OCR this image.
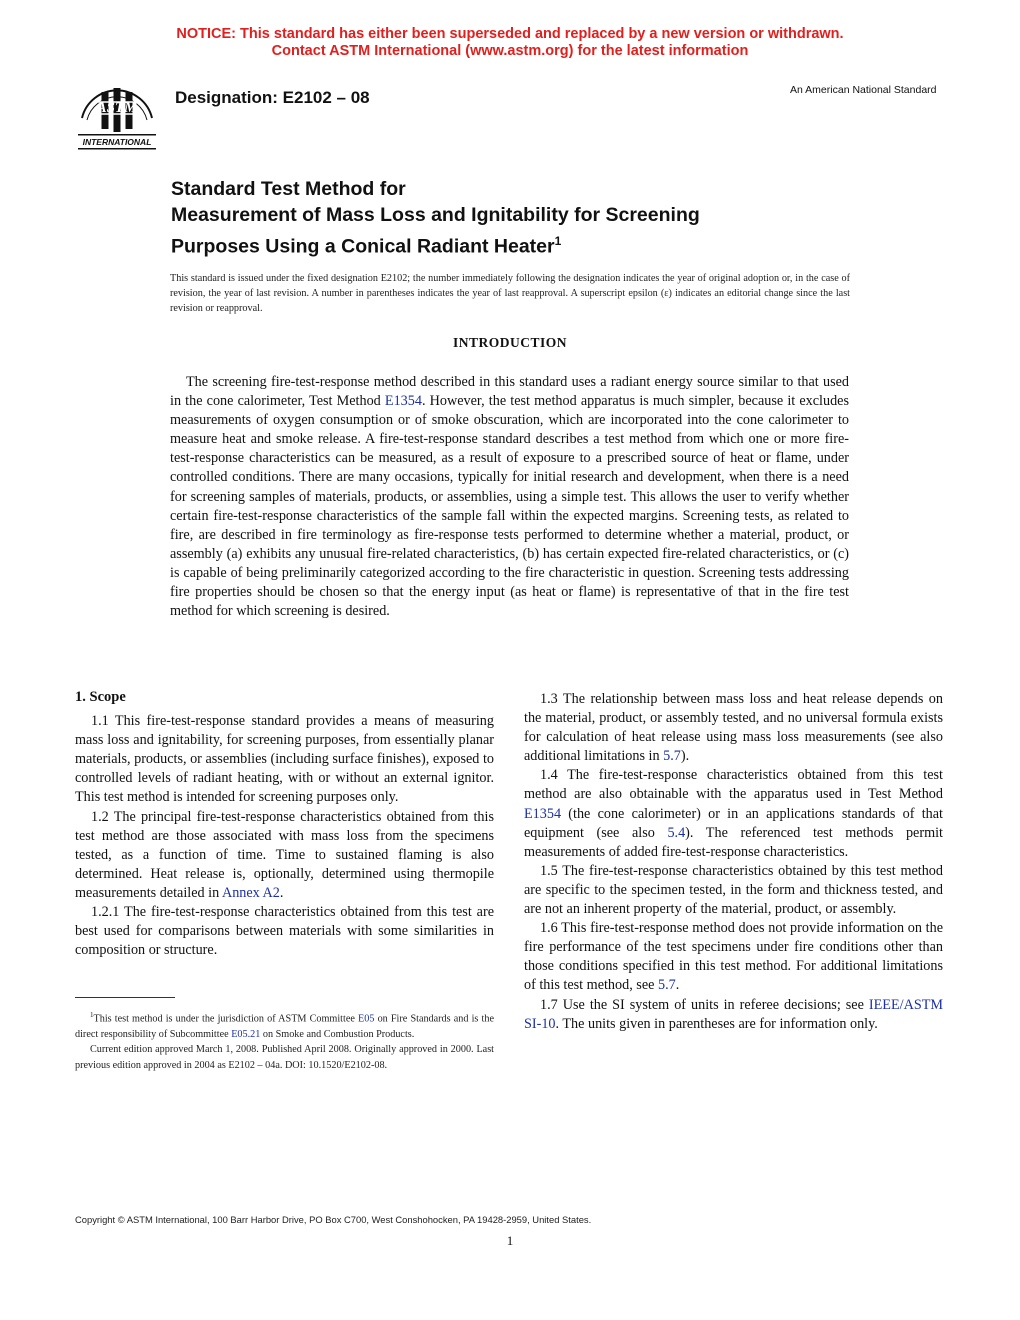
NOTICE: This standard has either been superseded and replaced by a new version or withdrawn.
Contact ASTM International (www.astm.org) for the latest information
ASTM
INTERNATIONAL
Designation: E2102 – 08	An American National Standard
Standard Test Method for
Measurement of Mass Loss and Ignitability for Screening
Purposes Using a Conical Radiant Heater$^1$
This standard is issued under the fixed designation E2102; the number immediately following the designation indicates the year of original adoption or, in the case of revision, the year of last revision. A number in parentheses indicates the year of last reapproval. A superscript epsilon (ε) indicates an editorial change since the last revision or reapproval.
INTRODUCTION
The screening fire-test-response method described in this standard uses a radiant energy source similar to that used in the cone calorimeter, Test Method E1354. However, the test method apparatus is much simpler, because it excludes measurements of oxygen consumption or of smoke obscuration, which are incorporated into the cone calorimeter to measure heat and smoke release. A fire-test-response standard describes a test method from which one or more fire-test-response characteristics can be measured, as a result of exposure to a prescribed source of heat or flame, under controlled conditions. There are many occasions, typically for initial research and development, when there is a need for screening samples of materials, products, or assemblies, using a simple test. This allows the user to verify whether certain fire-test-response characteristics of the sample fall within the expected margins. Screening tests, as related to fire, are described in fire terminology as fire-response tests performed to determine whether a material, product, or assembly (a) exhibits any unusual fire-related characteristics, (b) has certain expected fire-related characteristics, or (c) is capable of being preliminarily categorized according to the fire characteristic in question. Screening tests addressing fire properties should be chosen so that the energy input (as heat or flame) is representative of that in the fire test method for which screening is desired.
1. Scope

1.1 This fire-test-response standard provides a means of measuring mass loss and ignitability, for screening purposes, from essentially planar materials, products, or assemblies (including surface finishes), exposed to controlled levels of radiant heating, with or without an external ignitor. This test method is intended for screening purposes only.

1.2 The principal fire-test-response characteristics obtained from this test method are those associated with mass loss from the specimens tested, as a function of time. Time to sustained flaming is also determined. Heat release is, optionally, determined using thermopile measurements detailed in Annex A2.

1.2.1 The fire-test-response characteristics obtained from this test are best used for comparisons between materials with some similarities in composition or structure.

1.3 The relationship between mass loss and heat release depends on the material, product, or assembly tested, and no universal formula exists for calculation of heat release using mass loss measurements (see also additional limitations in 5.7).

1.4 The fire-test-response characteristics obtained from this test method are also obtainable with the apparatus used in Test Method E1354 (the cone calorimeter) or in an applications standards of that equipment (see also 5.4). The referenced test methods permit measurements of added fire-test-response characteristics.

1.5 The fire-test-response characteristics obtained by this test method are specific to the specimen tested, in the form and thickness tested, and are not an inherent property of the material, product, or assembly.

1.6 This fire-test-response method does not provide information on the fire performance of the test specimens under fire conditions other than those conditions specified in this test method. For additional limitations of this test method, see 5.7.

1.7 Use the SI system of units in referee decisions; see IEEE/ASTM SI-10. The units given in parentheses are for information only.

$^1$This test method is under the jurisdiction of ASTM Committee E05 on Fire Standards and is the direct responsibility of Subcommittee E05.21 on Smoke and Combustion Products.

Current edition approved March 1, 2008. Published April 2008. Originally approved in 2000. Last previous edition approved in 2004 as E2102 – 04a. DOI: 10.1520/E2102-08.

Copyright © ASTM International, 100 Barr Harbor Drive, PO Box C700, West Conshohocken, PA 19428-2959, United States.
1
